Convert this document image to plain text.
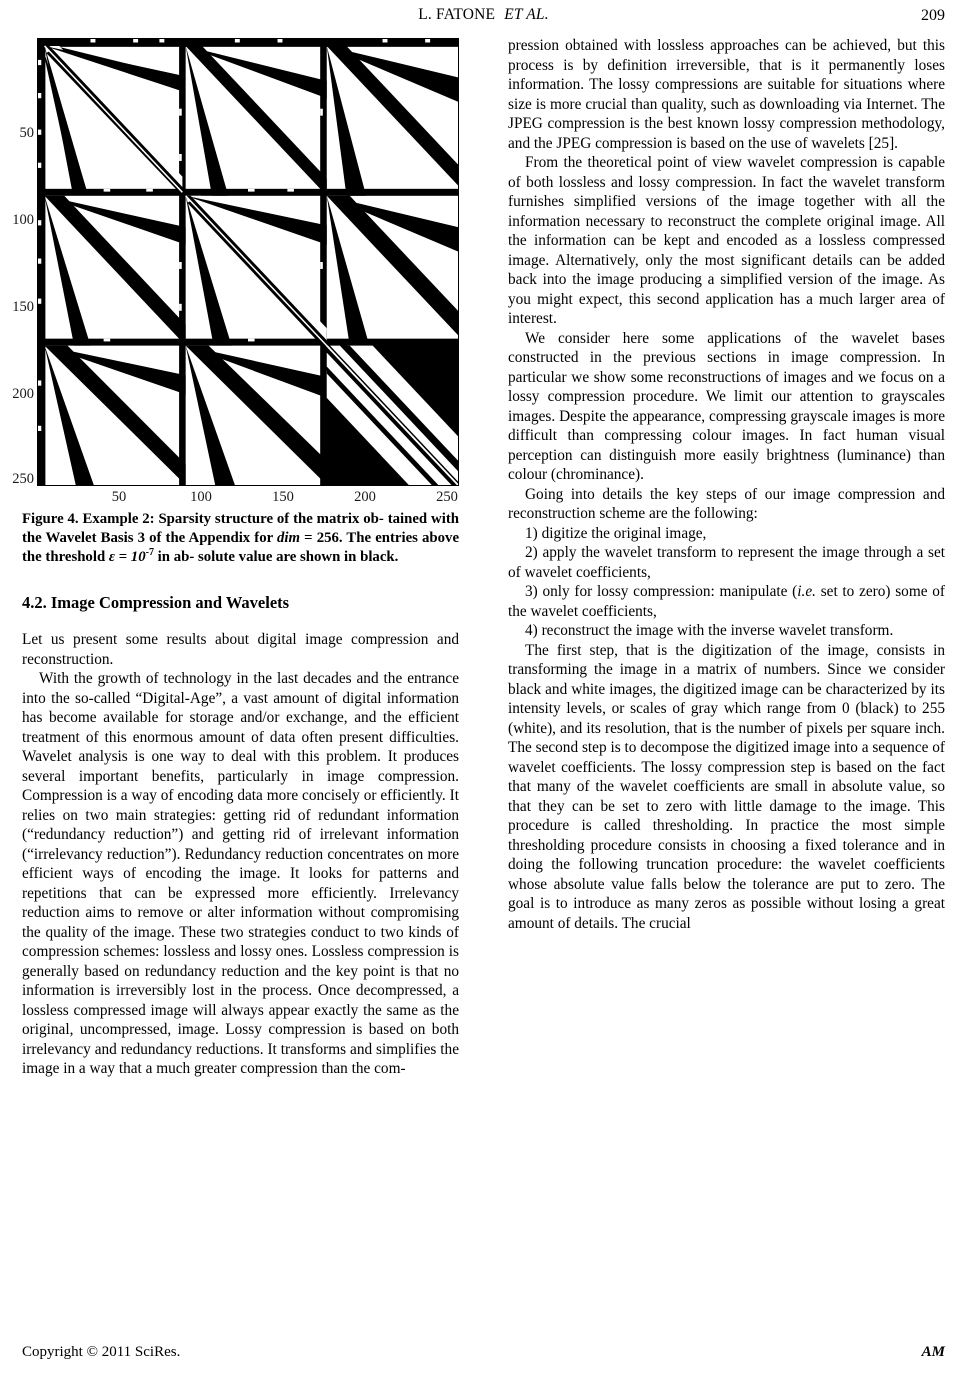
L. FATONE ET AL.	209
50
100
150
200
250
50	100	150	200	250
Figure 4. Example 2: Sparsity structure of the matrix ob- tained with the Wavelet Basis 3 of the Appendix for dim = 256. The entries above the threshold $\varepsilon = 10^{-7}$ in ab- solute value are shown in black.
4.2. Image Compression and Wavelets

Let us present some results about digital image compression and reconstruction.

With the growth of technology in the last decades and the entrance into the so-called “Digital-Age”, a vast amount of digital information has become available for storage and/or exchange, and the efficient treatment of this enormous amount of data often present difficulties. Wavelet analysis is one way to deal with this problem. It produces several important benefits, particularly in image compression. Compression is a way of encoding data more concisely or efficiently. It relies on two main strategies: getting rid of redundant information (“redundancy reduction”) and getting rid of irrelevant information (“irrelevancy reduction”). Redundancy reduction concentrates on more efficient ways of encoding the image. It looks for patterns and repetitions that can be expressed more efficiently. Irrelevancy reduction aims to remove or alter information without compromising the quality of the image. These two strategies conduct to two kinds of compression schemes: lossless and lossy ones. Lossless compression is generally based on redundancy reduction and the key point is that no information is irreversibly lost in the process. Once decompressed, a lossless compressed image will always appear exactly the same as the original, uncompressed, image. Lossy compression is based on both irrelevancy and redundancy reductions. It transforms and simplifies the image in a way that a much greater compression than the com-

pression obtained with lossless approaches can be achieved, but this process is by definition irreversible, that is it permanently loses information. The lossy compressions are suitable for situations where size is more crucial than quality, such as downloading via Internet. The JPEG compression is the best known lossy compression methodology, and the JPEG compression is based on the use of wavelets [25].

From the theoretical point of view wavelet compression is capable of both lossless and lossy compression. In fact the wavelet transform furnishes simplified versions of the image together with all the information necessary to reconstruct the complete original image. All the information can be kept and encoded as a lossless compressed image. Alternatively, only the most significant details can be added back into the image producing a simplified version of the image. As you might expect, this second application has a much larger area of interest.

We consider here some applications of the wavelet bases constructed in the previous sections in image compression. In particular we show some reconstructions of images and we focus on a lossy compression procedure. We limit our attention to grayscales images. Despite the appearance, compressing grayscale images is more difficult than compressing colour images. In fact human visual perception can distinguish more easily brightness (luminance) than colour (chrominance).

Going into details the key steps of our image compression and reconstruction scheme are the following:

1) digitize the original image,

2) apply the wavelet transform to represent the image through a set of wavelet coefficients,

3) only for lossy compression: manipulate (i.e. set to zero) some of the wavelet coefficients,

4) reconstruct the image with the inverse wavelet transform.

The first step, that is the digitization of the image, consists in transforming the image in a matrix of numbers. Since we consider black and white images, the digitized image can be characterized by its intensity levels, or scales of gray which range from 0 (black) to 255 (white), and its resolution, that is the number of pixels per square inch. The second step is to decompose the digitized image into a sequence of wavelet coefficients. The lossy compression step is based on the fact that many of the wavelet coefficients are small in absolute value, so that they can be set to zero with little damage to the image. This procedure is called thresholding. In practice the most simple thresholding procedure consists in choosing a fixed tolerance and in doing the following truncation procedure: the wavelet coefficients whose absolute value falls below the tolerance are put to zero. The goal is to introduce as many zeros as possible without losing a great amount of details. The crucial

Copyright © 2011 SciRes.	AM
